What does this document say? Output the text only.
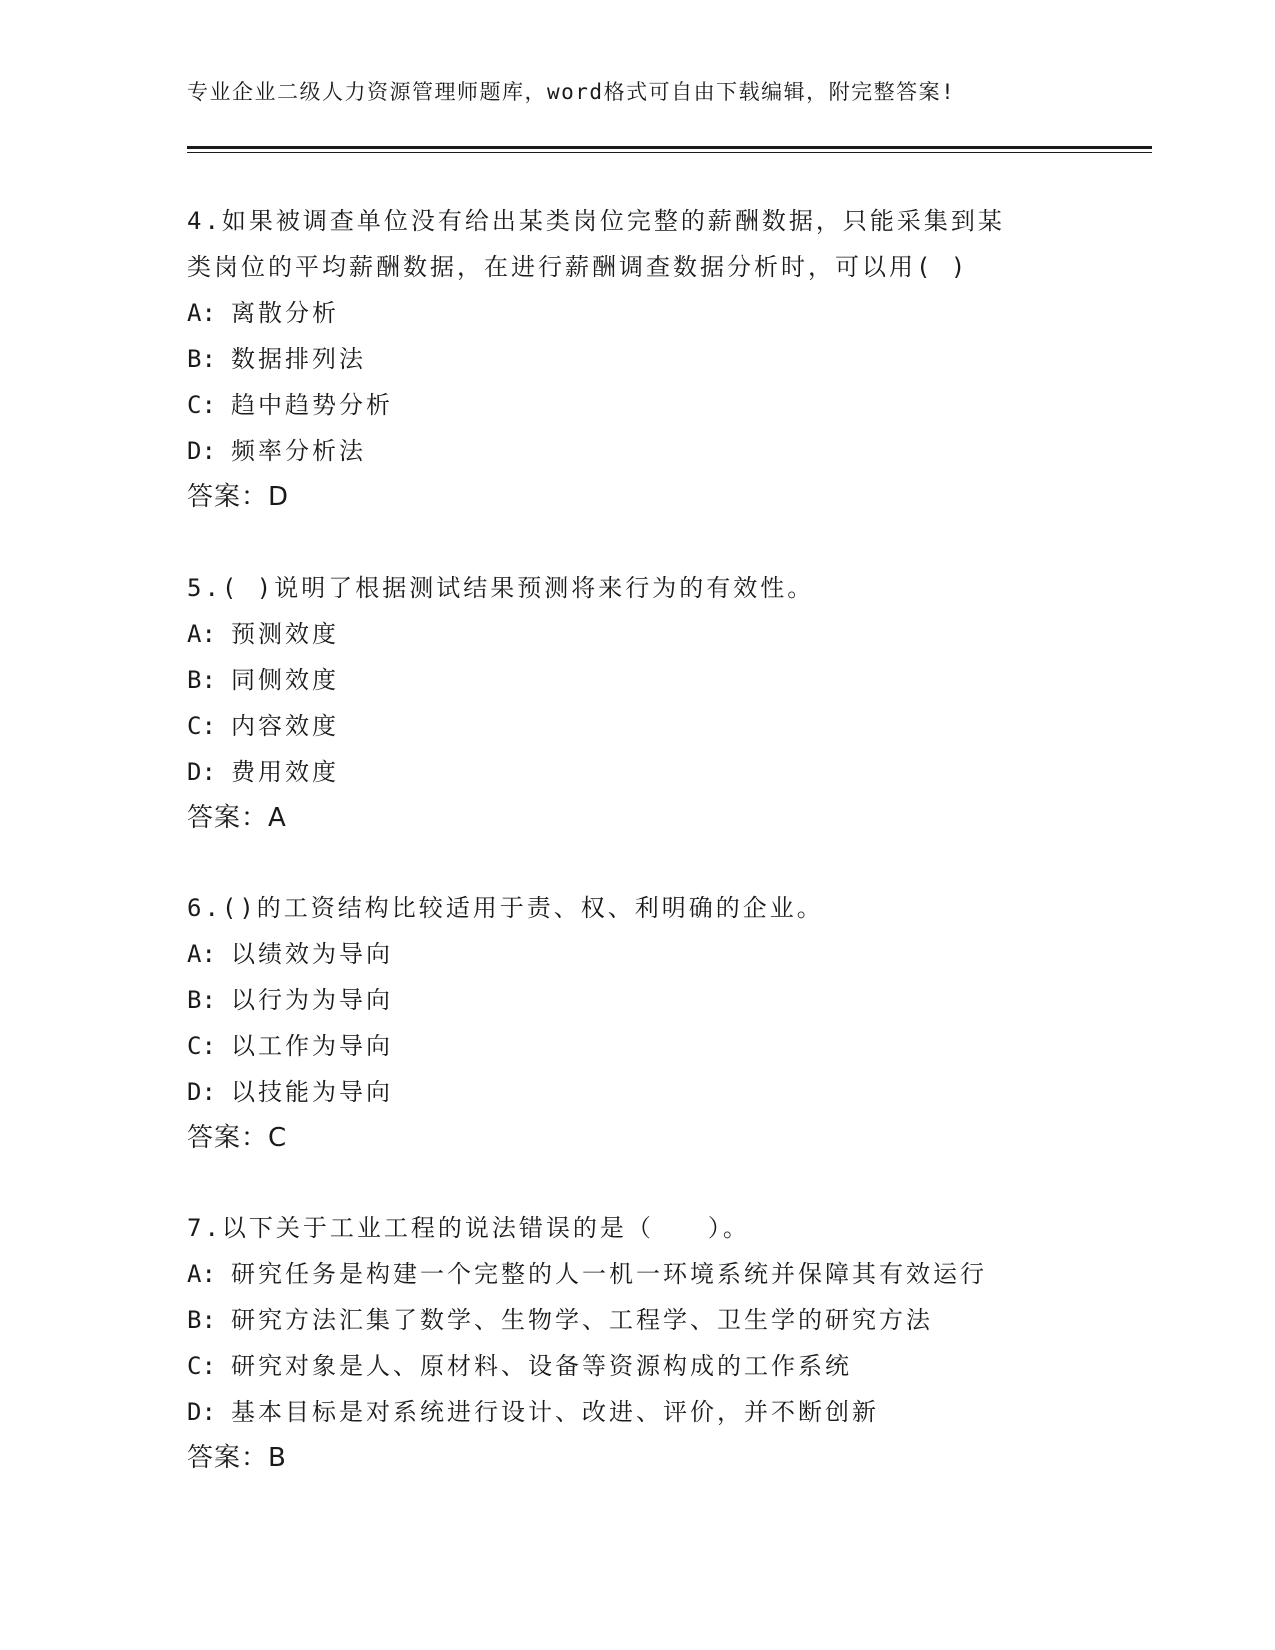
专业企业二级人力资源管理师题库，word格式可自由下载编辑，附完整答案!
4.如果被调查单位没有给出某类岗位完整的薪酬数据，只能采集到某
类岗位的平均薪酬数据，在进行薪酬调查数据分析时，可以用( )
A: 离散分析
B: 数据排列法
C: 趋中趋势分析
D: 频率分析法
答案：D
5.( )说明了根据测试结果预测将来行为的有效性。
A: 预测效度
B: 同侧效度
C: 内容效度
D: 费用效度
答案：A
6.()的工资结构比较适用于责、权、利明确的企业。
A: 以绩效为导向
B: 以行为为导向
C: 以工作为导向
D: 以技能为导向
答案：C
7.以下关于工业工程的说法错误的是（　　）。
A: 研究任务是构建一个完整的人一机一环境系统并保障其有效运行
B: 研究方法汇集了数学、生物学、工程学、卫生学的研究方法
C: 研究对象是人、原材料、设备等资源构成的工作系统
D: 基本目标是对系统进行设计、改进、评价，并不断创新
答案：B
